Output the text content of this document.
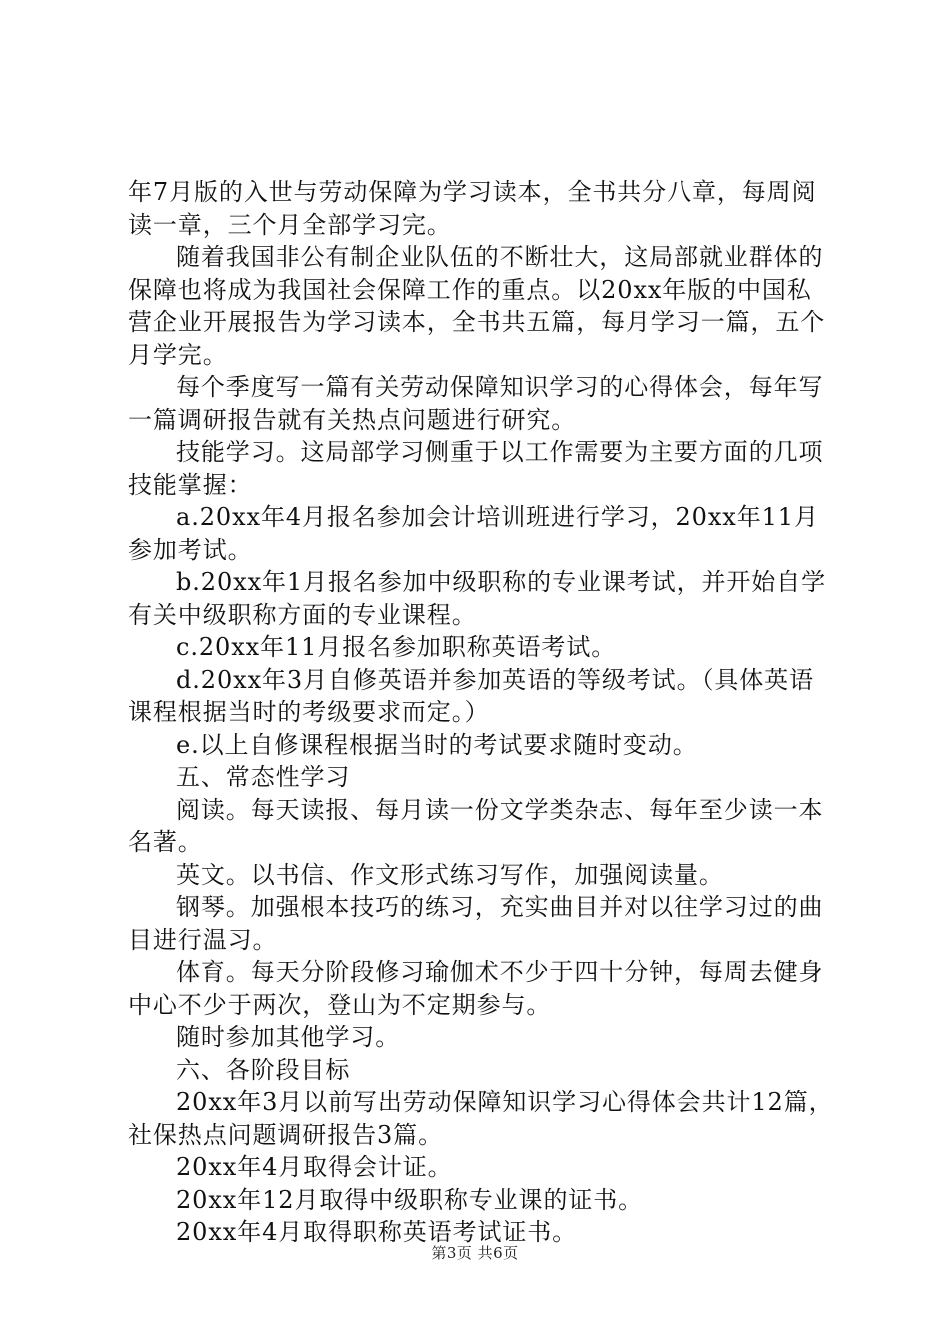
年7月版的入世与劳动保障为学习读本，全书共分八章，每周阅读一章，三个月全部学习完。

随着我国非公有制企业队伍的不断壮大，这局部就业群体的保障也将成为我国社会保障工作的重点。以20xx年版的中国私营企业开展报告为学习读本，全书共五篇，每月学习一篇，五个月学完。

每个季度写一篇有关劳动保障知识学习的心得体会，每年写一篇调研报告就有关热点问题进行研究。

技能学习。这局部学习侧重于以工作需要为主要方面的几项技能掌握：

a.20xx年4月报名参加会计培训班进行学习，20xx年11月参加考试。

b.20xx年1月报名参加中级职称的专业课考试，并开始自学有关中级职称方面的专业课程。

c.20xx年11月报名参加职称英语考试。

d.20xx年3月自修英语并参加英语的等级考试。（具体英语课程根据当时的考级要求而定。）

e.以上自修课程根据当时的考试要求随时变动。

五、常态性学习

阅读。每天读报、每月读一份文学类杂志、每年至少读一本名著。

英文。以书信、作文形式练习写作，加强阅读量。

钢琴。加强根本技巧的练习，充实曲目并对以往学习过的曲目进行温习。

体育。每天分阶段修习瑜伽术不少于四十分钟，每周去健身中心不少于两次，登山为不定期参与。

随时参加其他学习。

六、各阶段目标

20xx年3月以前写出劳动保障知识学习心得体会共计12篇，社保热点问题调研报告3篇。

20xx年4月取得会计证。

20xx年12月取得中级职称专业课的证书。

20xx年4月取得职称英语考试证书。

第3页 共6页
